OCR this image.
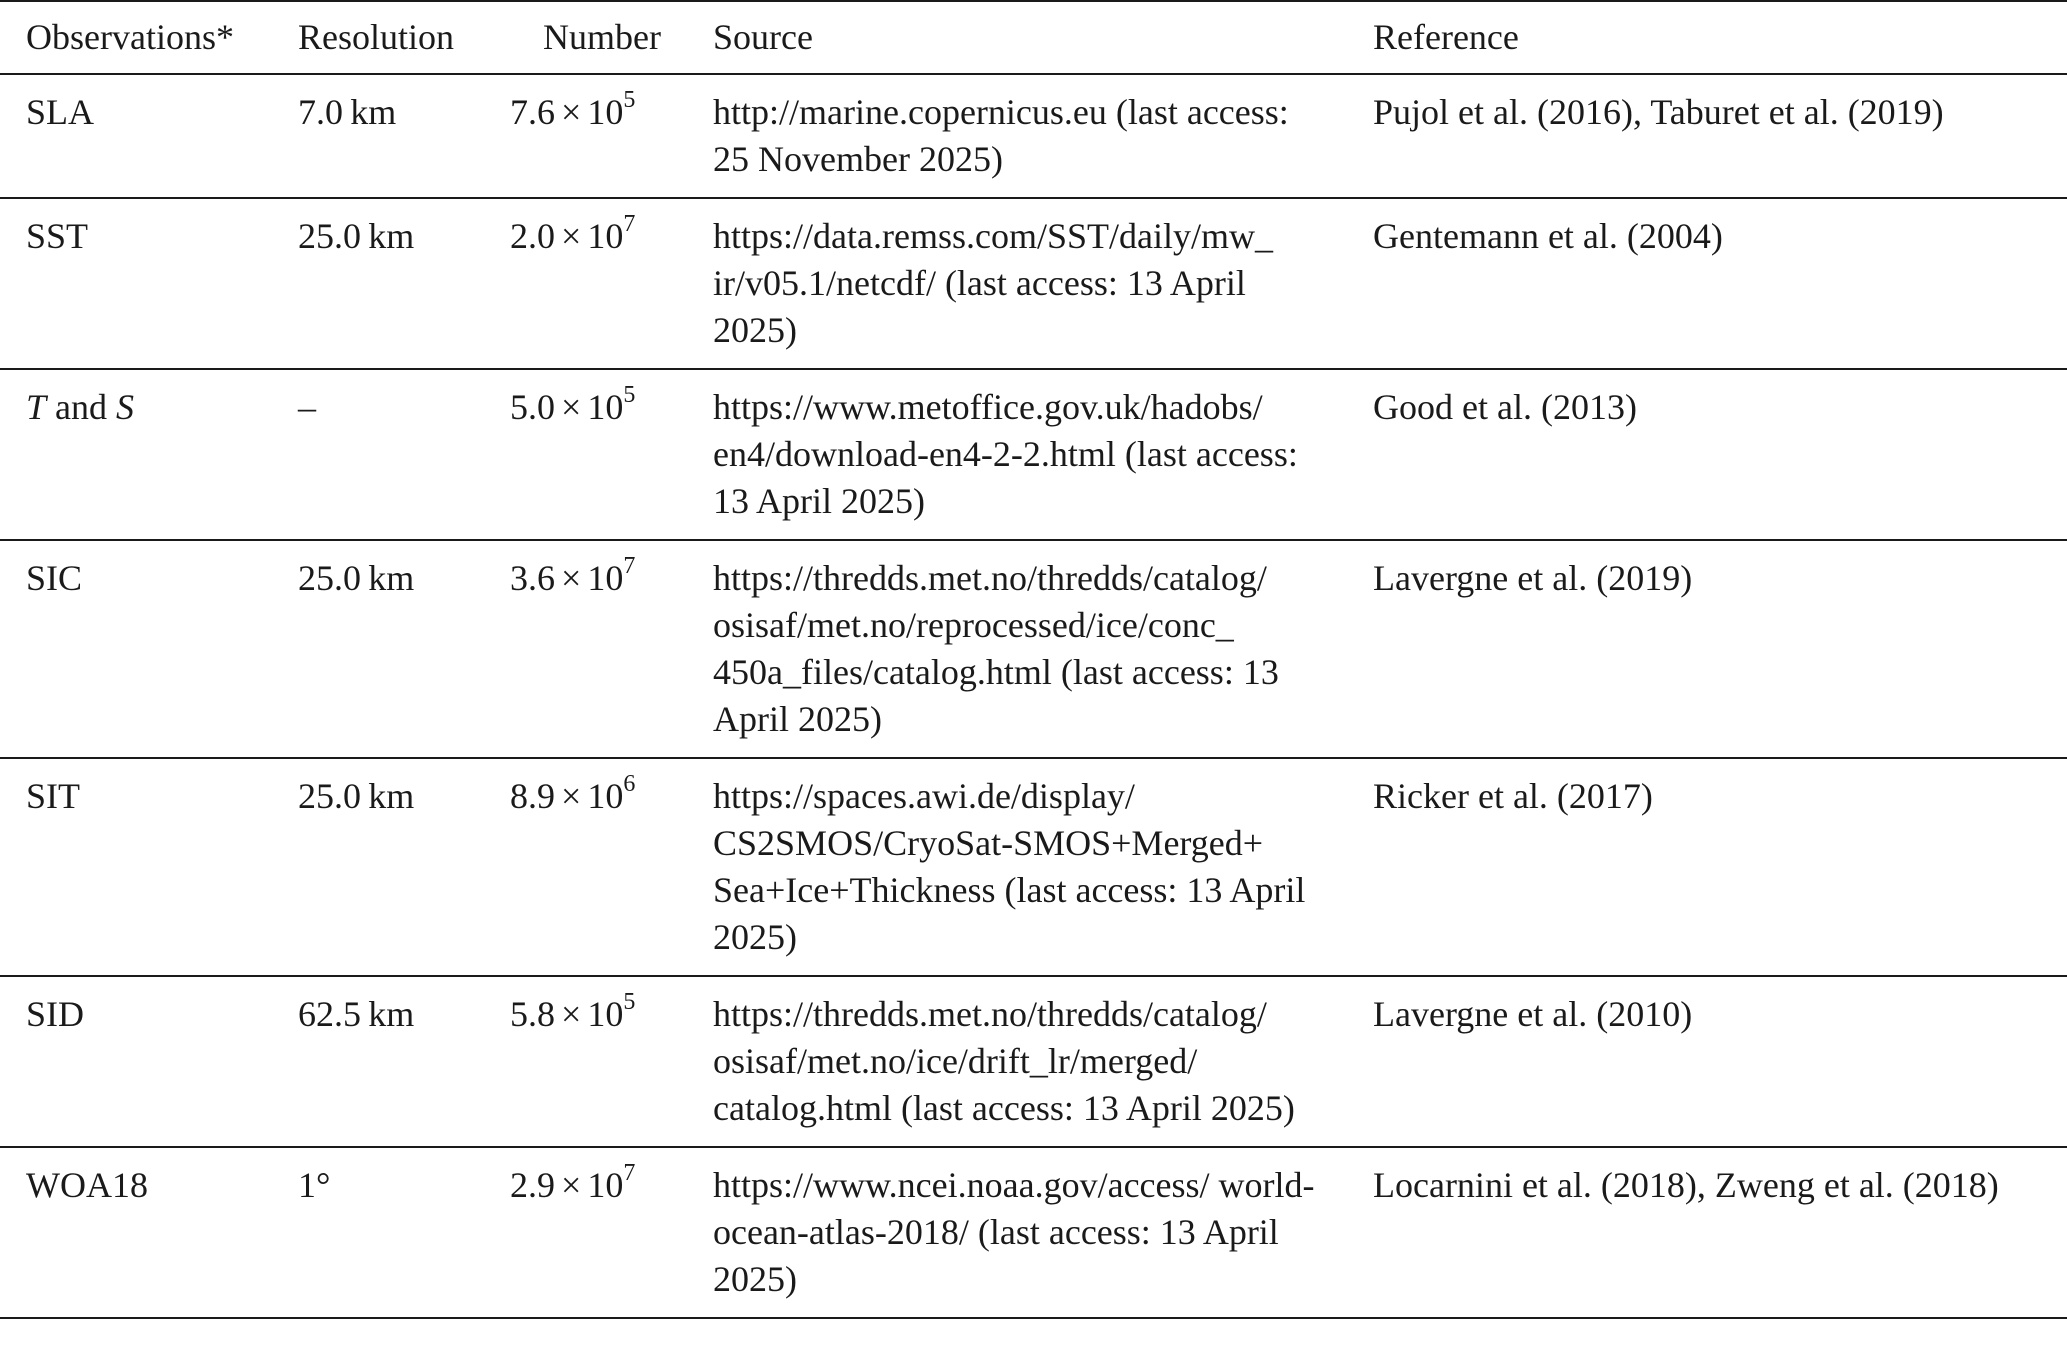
Observations*	Resolution	Number	Source	Reference
SLA	7.0 km	$7.6 \times 10^5$	http://marine.copernicus.eu (last access: 25 November 2025)	Pujol et al. (2016), Taburet et al. (2019)
SST	25.0 km	$2.0 \times 10^7$	https://data.remss.com/SST/daily/mw_ ir/v05.1/netcdf/ (last access: 13 April 2025)	Gentemann et al. (2004)
T and S	–	$5.0 \times 10^5$	https://www.metoffice.gov.uk/hadobs/ en4/download-en4-2-2.html (last access: 13 April 2025)	Good et al. (2013)
SIC	25.0 km	$3.6 \times 10^7$	https://thredds.met.no/thredds/catalog/ osisaf/met.no/reprocessed/ice/conc_ 450a_files/catalog.html (last access: 13 April 2025)	Lavergne et al. (2019)
SIT	25.0 km	$8.9 \times 10^6$	https://spaces.awi.de/display/ CS2SMOS/CryoSat-SMOS+Merged+ Sea+Ice+Thickness (last access: 13 April 2025)	Ricker et al. (2017)
SID	62.5 km	$5.8 \times 10^5$	https://thredds.met.no/thredds/catalog/ osisaf/met.no/ice/drift_lr/merged/ catalog.html (last access: 13 April 2025)	Lavergne et al. (2010)
WOA18	1°	$2.9 \times 10^7$	https://www.ncei.noaa.gov/access/ world-ocean-atlas-2018/ (last access: 13 April 2025)	Locarnini et al. (2018), Zweng et al. (2018)
